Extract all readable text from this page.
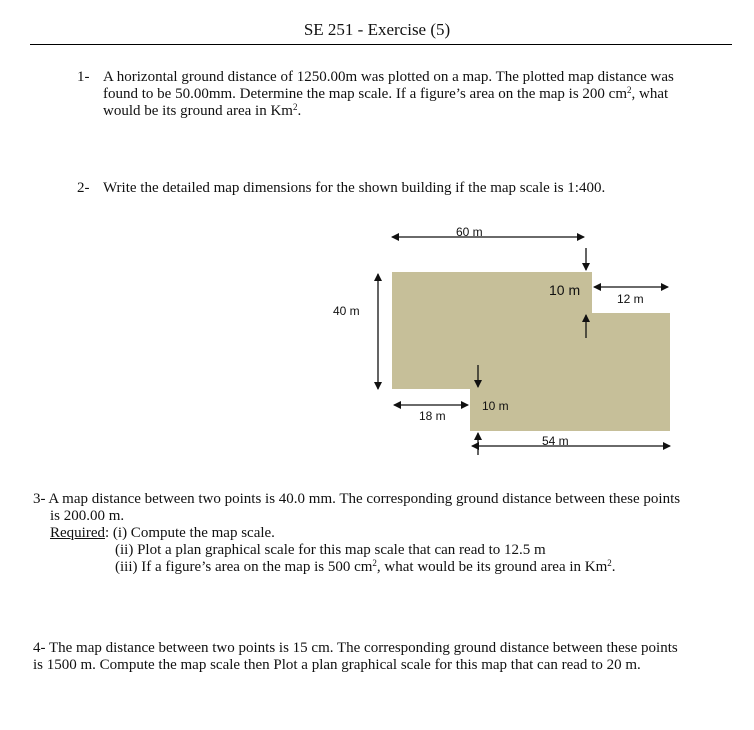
SE 251 - Exercise (5)
1- A horizontal ground distance of 1250.00m was plotted on a map. The plotted map distance was
found to be 50.00mm. Determine the map scale. If a figure’s area on the map is 200 $cm^2$, what
would be its ground area in Km$^2$.
2- Write the detailed map dimensions for the shown building if the map scale is 1:400.
60 m
40 m
10 m
12 m
10 m
18 m
54 m
3- A map distance between two points is 40.0 mm. The corresponding ground distance between these points
is 200.00 m.
Required: (i) Compute the map scale.
(ii) Plot a plan graphical scale for this map scale that can read to 12.5 m
(iii) If a figure’s area on the map is 500 $cm^2$, what would be its ground area in Km$^2$.
4- The map distance between two points is 15 cm. The corresponding ground distance between these points
is 1500 m. Compute the map scale then Plot a plan graphical scale for this map that can read to 20 m.
